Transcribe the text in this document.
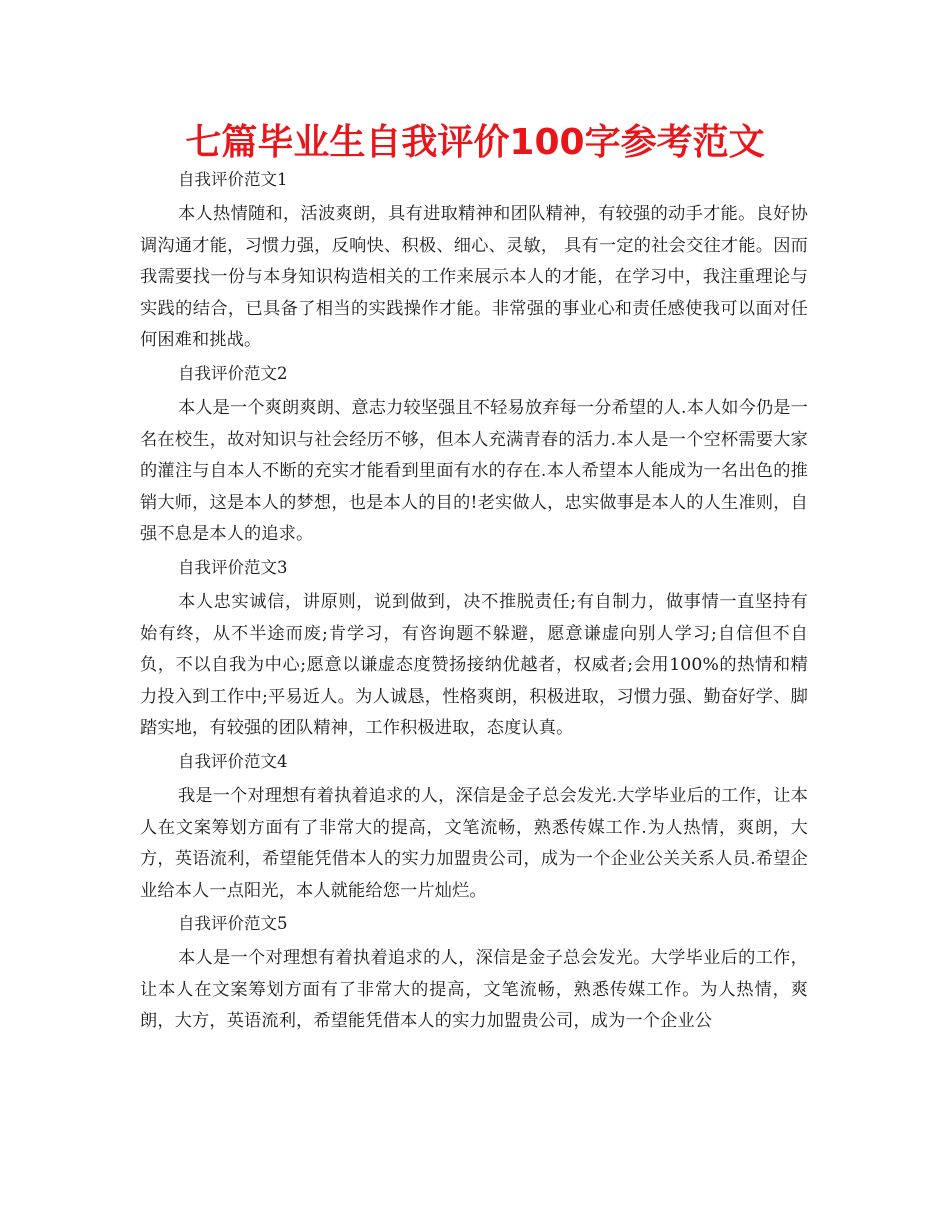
七篇毕业生自我评价100字参考范文
自我评价范文1

本人热情随和，活波爽朗，具有进取精神和团队精神，有较强的动手才能。良好协调沟通才能，习惯力强，反响快、积极、细心、灵敏， 具有一定的社会交往才能。因而我需要找一份与本身知识构造相关的工作来展示本人的才能，在学习中，我注重理论与实践的结合，已具备了相当的实践操作才能。非常强的事业心和责任感使我可以面对任何困难和挑战。

自我评价范文2

本人是一个爽朗爽朗、意志力较坚强且不轻易放弃每一分希望的人.本人如今仍是一名在校生，故对知识与社会经历不够，但本人充满青春的活力.本人是一个空杯需要大家的灌注与自本人不断的充实才能看到里面有水的存在.本人希望本人能成为一名出色的推销大师，这是本人的梦想，也是本人的目的!老实做人，忠实做事是本人的人生准则，自强不息是本人的追求。

自我评价范文3

本人忠实诚信，讲原则，说到做到，决不推脱责任;有自制力，做事情一直坚持有始有终，从不半途而废;肯学习，有咨询题不躲避，愿意谦虚向别人学习;自信但不自负，不以自我为中心;愿意以谦虚态度赞扬接纳优越者，权威者;会用100%的热情和精力投入到工作中;平易近人。为人诚恳，性格爽朗，积极进取，习惯力强、勤奋好学、脚踏实地，有较强的团队精神，工作积极进取，态度认真。

自我评价范文4

我是一个对理想有着执着追求的人，深信是金子总会发光.大学毕业后的工作，让本人在文案筹划方面有了非常大的提高，文笔流畅，熟悉传媒工作.为人热情，爽朗，大方，英语流利，希望能凭借本人的实力加盟贵公司，成为一个企业公关关系人员.希望企业给本人一点阳光，本人就能给您一片灿烂。

自我评价范文5

本人是一个对理想有着执着追求的人，深信是金子总会发光。大学毕业后的工作，让本人在文案筹划方面有了非常大的提高，文笔流畅，熟悉传媒工作。为人热情，爽朗，大方，英语流利，希望能凭借本人的实力加盟贵公司，成为一个企业公
